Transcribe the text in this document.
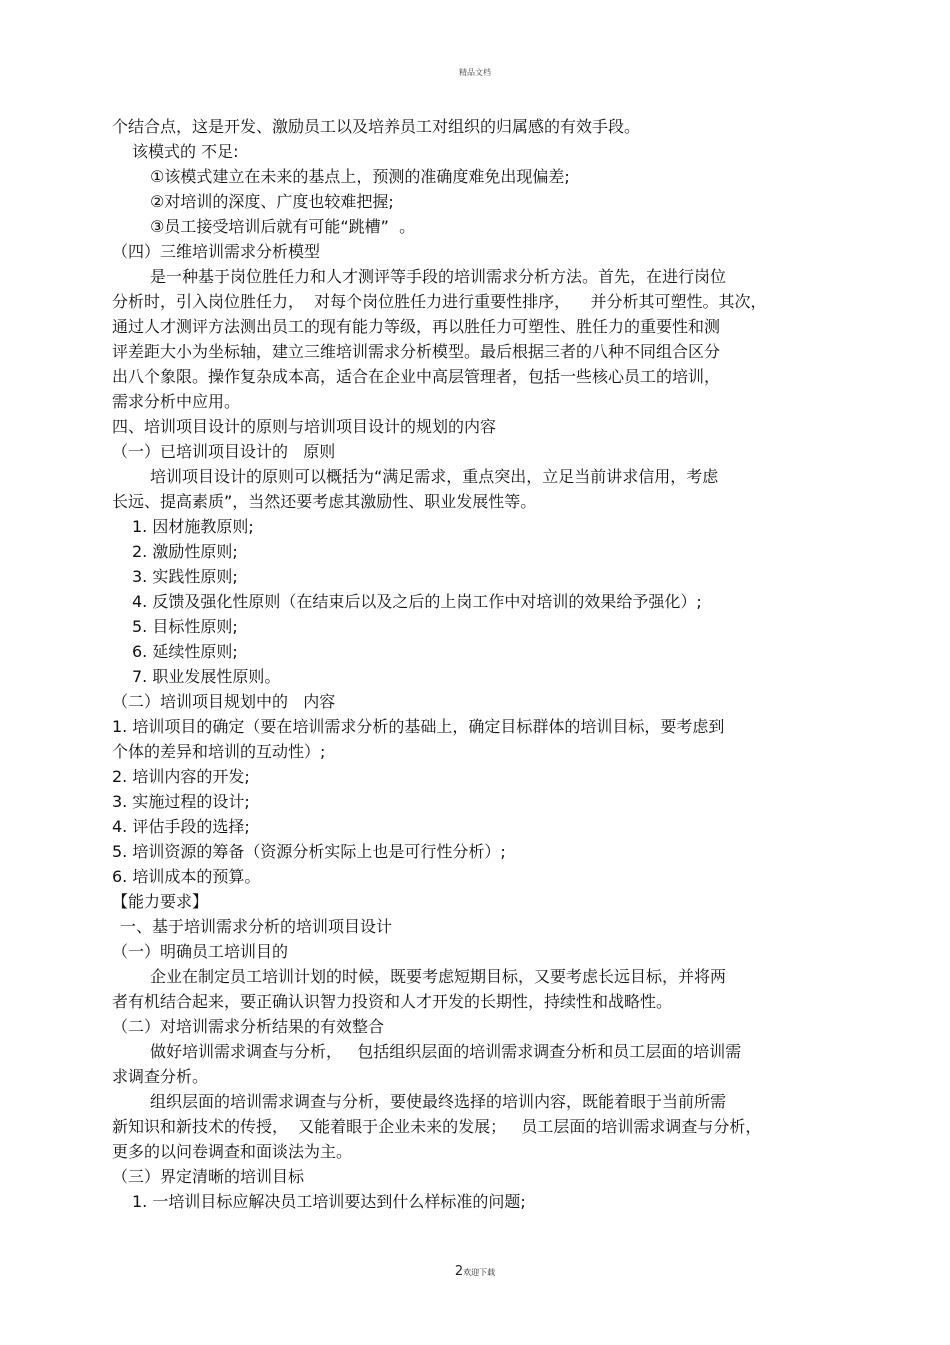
精品文档

个结合点，这是开发、激励员工以及培养员工对组织的归属感的有效手段。

该模式的 不足:

①该模式建立在未来的基点上，预测的准确度难免出现偏差;

②对培训的深度、广度也较难把握;

③员工接受培训后就有可能“跳槽”  。

（四）三维培训需求分析模型

是一种基于岗位胜任力和人才测评等手段的培训需求分析方法。首先，在进行岗位

分析时，引入岗位胜任力，  对每个岗位胜任力进行重要性排序，    并分析其可塑性。其次，

通过人才测评方法测出员工的现有能力等级，再以胜任力可塑性、胜任力的重要性和测

评差距大小为坐标轴，建立三维培训需求分析模型。最后根据三者的八种不同组合区分

出八个象限。操作复杂成本高，适合在企业中高层管理者，包括一些核心员工的培训，

需求分析中应用。

四、培训项目设计的原则与培训项目设计的规划的内容

（一）已培训项目设计的   原则

培训项目设计的原则可以概括为“满足需求，重点突出，立足当前讲求信用，考虑

长远、提高素质”，当然还要考虑其激励性、职业发展性等。

1. 因材施教原则;

2. 激励性原则;

3. 实践性原则;

4. 反馈及强化性原则（在结束后以及之后的上岗工作中对培训的效果给予强化）;

5. 目标性原则;

6. 延续性原则;

7. 职业发展性原则。

（二）培训项目规划中的   内容

1. 培训项目的确定（要在培训需求分析的基础上，确定目标群体的培训目标，要考虑到

个体的差异和培训的互动性）;

2. 培训内容的开发;

3. 实施过程的设计;

4. 评估手段的选择;

5. 培训资源的筹备（资源分析实际上也是可行性分析）;

6. 培训成本的预算。

【能力要求】

一、基于培训需求分析的培训项目设计

（一）明确员工培训目的

企业在制定员工培训计划的时候，既要考虑短期目标，又要考虑长远目标，并将两

者有机结合起来，要正确认识智力投资和人才开发的长期性，持续性和战略性。

（二）对培训需求分析结果的有效整合

做好培训需求调查与分析，   包括组织层面的培训需求调查分析和员工层面的培训需

求调查分析。

组织层面的培训需求调查与分析，要使最终选择的培训内容，既能着眼于当前所需

新知识和新技术的传授，  又能着眼于企业未来的发展；   员工层面的培训需求调查与分析，

更多的以问卷调查和面谈法为主。

（三）界定清晰的培训目标

1. 一培训目标应解决员工培训要达到什么样标准的问题;

2欢迎下载
